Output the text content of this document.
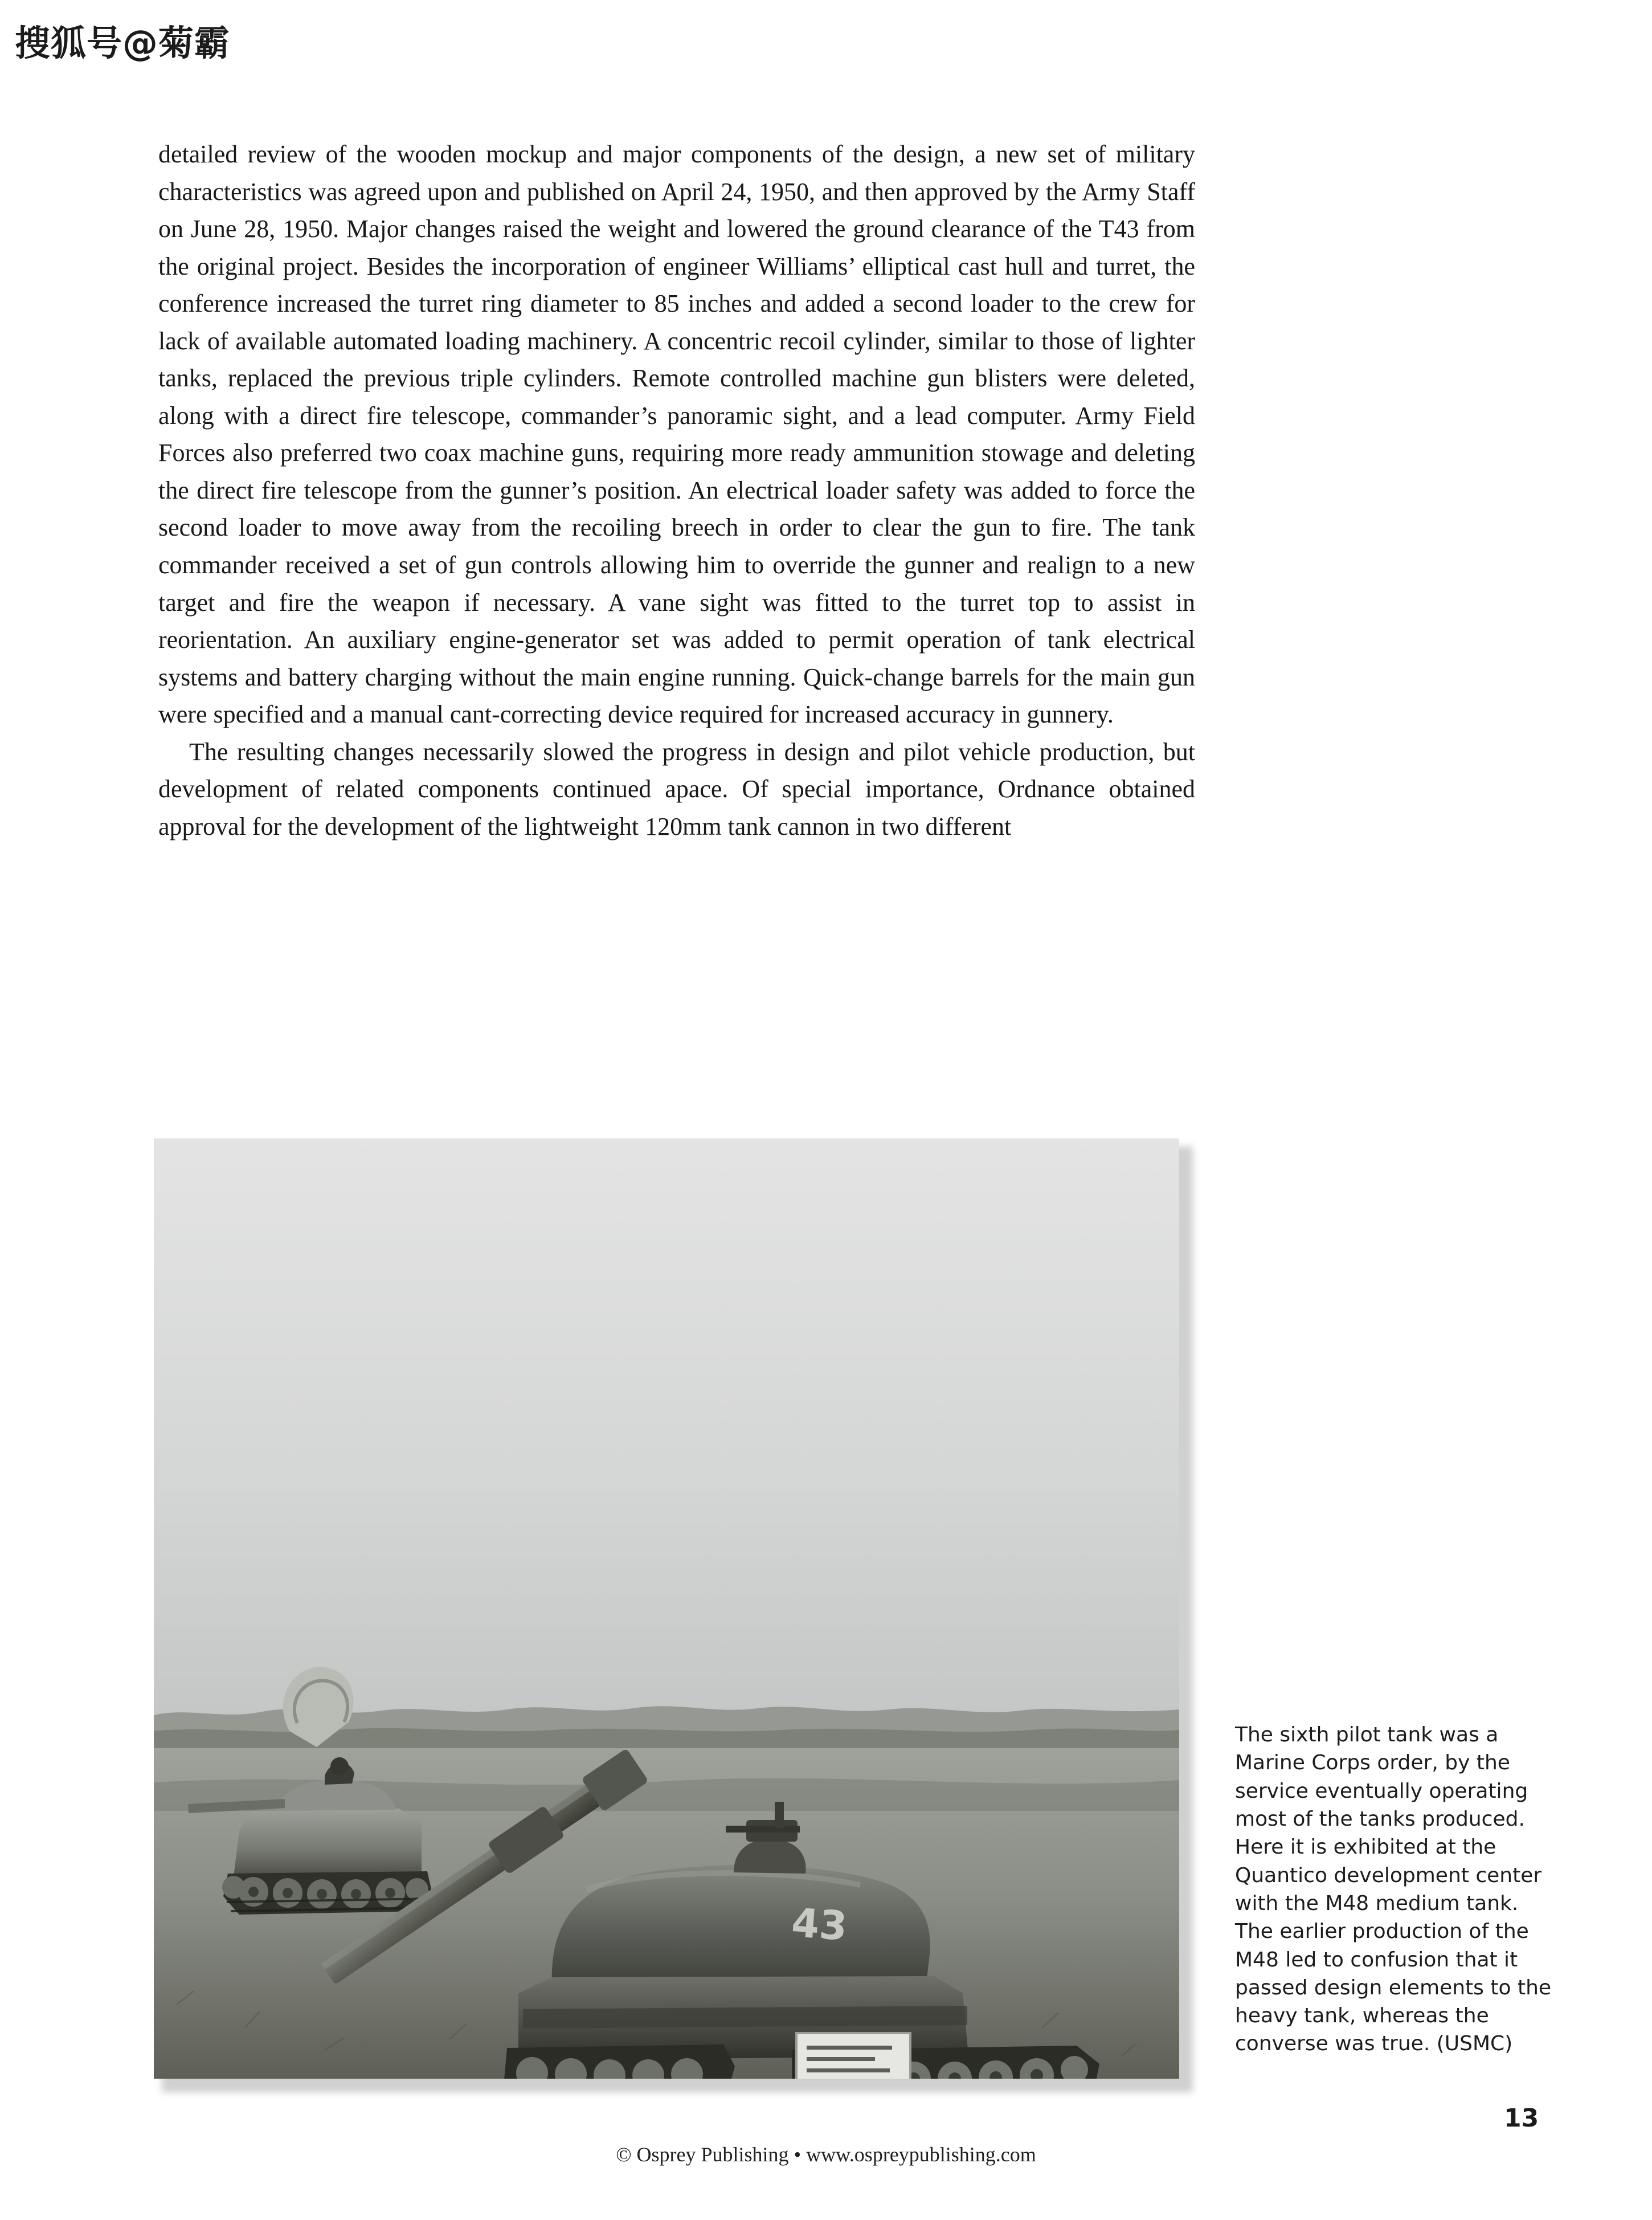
搜狐号@菊霸

detailed review of the wooden mockup and major components of the design, a new set of military characteristics was agreed upon and published on April 24, 1950, and then approved by the Army Staff on June 28, 1950. Major changes raised the weight and lowered the ground clearance of the T43 from the original project. Besides the incorporation of engineer Williams’ elliptical cast hull and turret, the conference increased the turret ring diameter to 85 inches and added a second loader to the crew for lack of available automated loading machinery. A concentric recoil cylinder, similar to those of lighter tanks, replaced the previous triple cylinders. Remote controlled machine gun blisters were deleted, along with a direct fire telescope, commander’s panoramic sight, and a lead computer. Army Field Forces also preferred two coax machine guns, requiring more ready ammunition stowage and deleting the direct fire telescope from the gunner’s position. An electrical loader safety was added to force the second loader to move away from the recoiling breech in order to clear the gun to fire. The tank commander received a set of gun controls allowing him to override the gunner and realign to a new target and fire the weapon if necessary. A vane sight was fitted to the turret top to assist in reorientation. An auxiliary engine-generator set was added to permit operation of tank electrical systems and battery charging without the main engine running. Quick-change barrels for the main gun were specified and a manual cant-correcting device required for increased accuracy in gunnery.

The resulting changes necessarily slowed the progress in design and pilot vehicle production, but development of related components continued apace. Of special importance, Ordnance obtained approval for the development of the lightweight 120mm tank cannon in two different

43
The sixth pilot tank was a Marine Corps order, by the service eventually operating most of the tanks produced. Here it is exhibited at the Quantico development center with the M48 medium tank. The earlier production of the M48 led to confusion that it passed design elements to the heavy tank, whereas the converse was true. (USMC)
© Osprey Publishing • www.ospreypublishing.com
13
